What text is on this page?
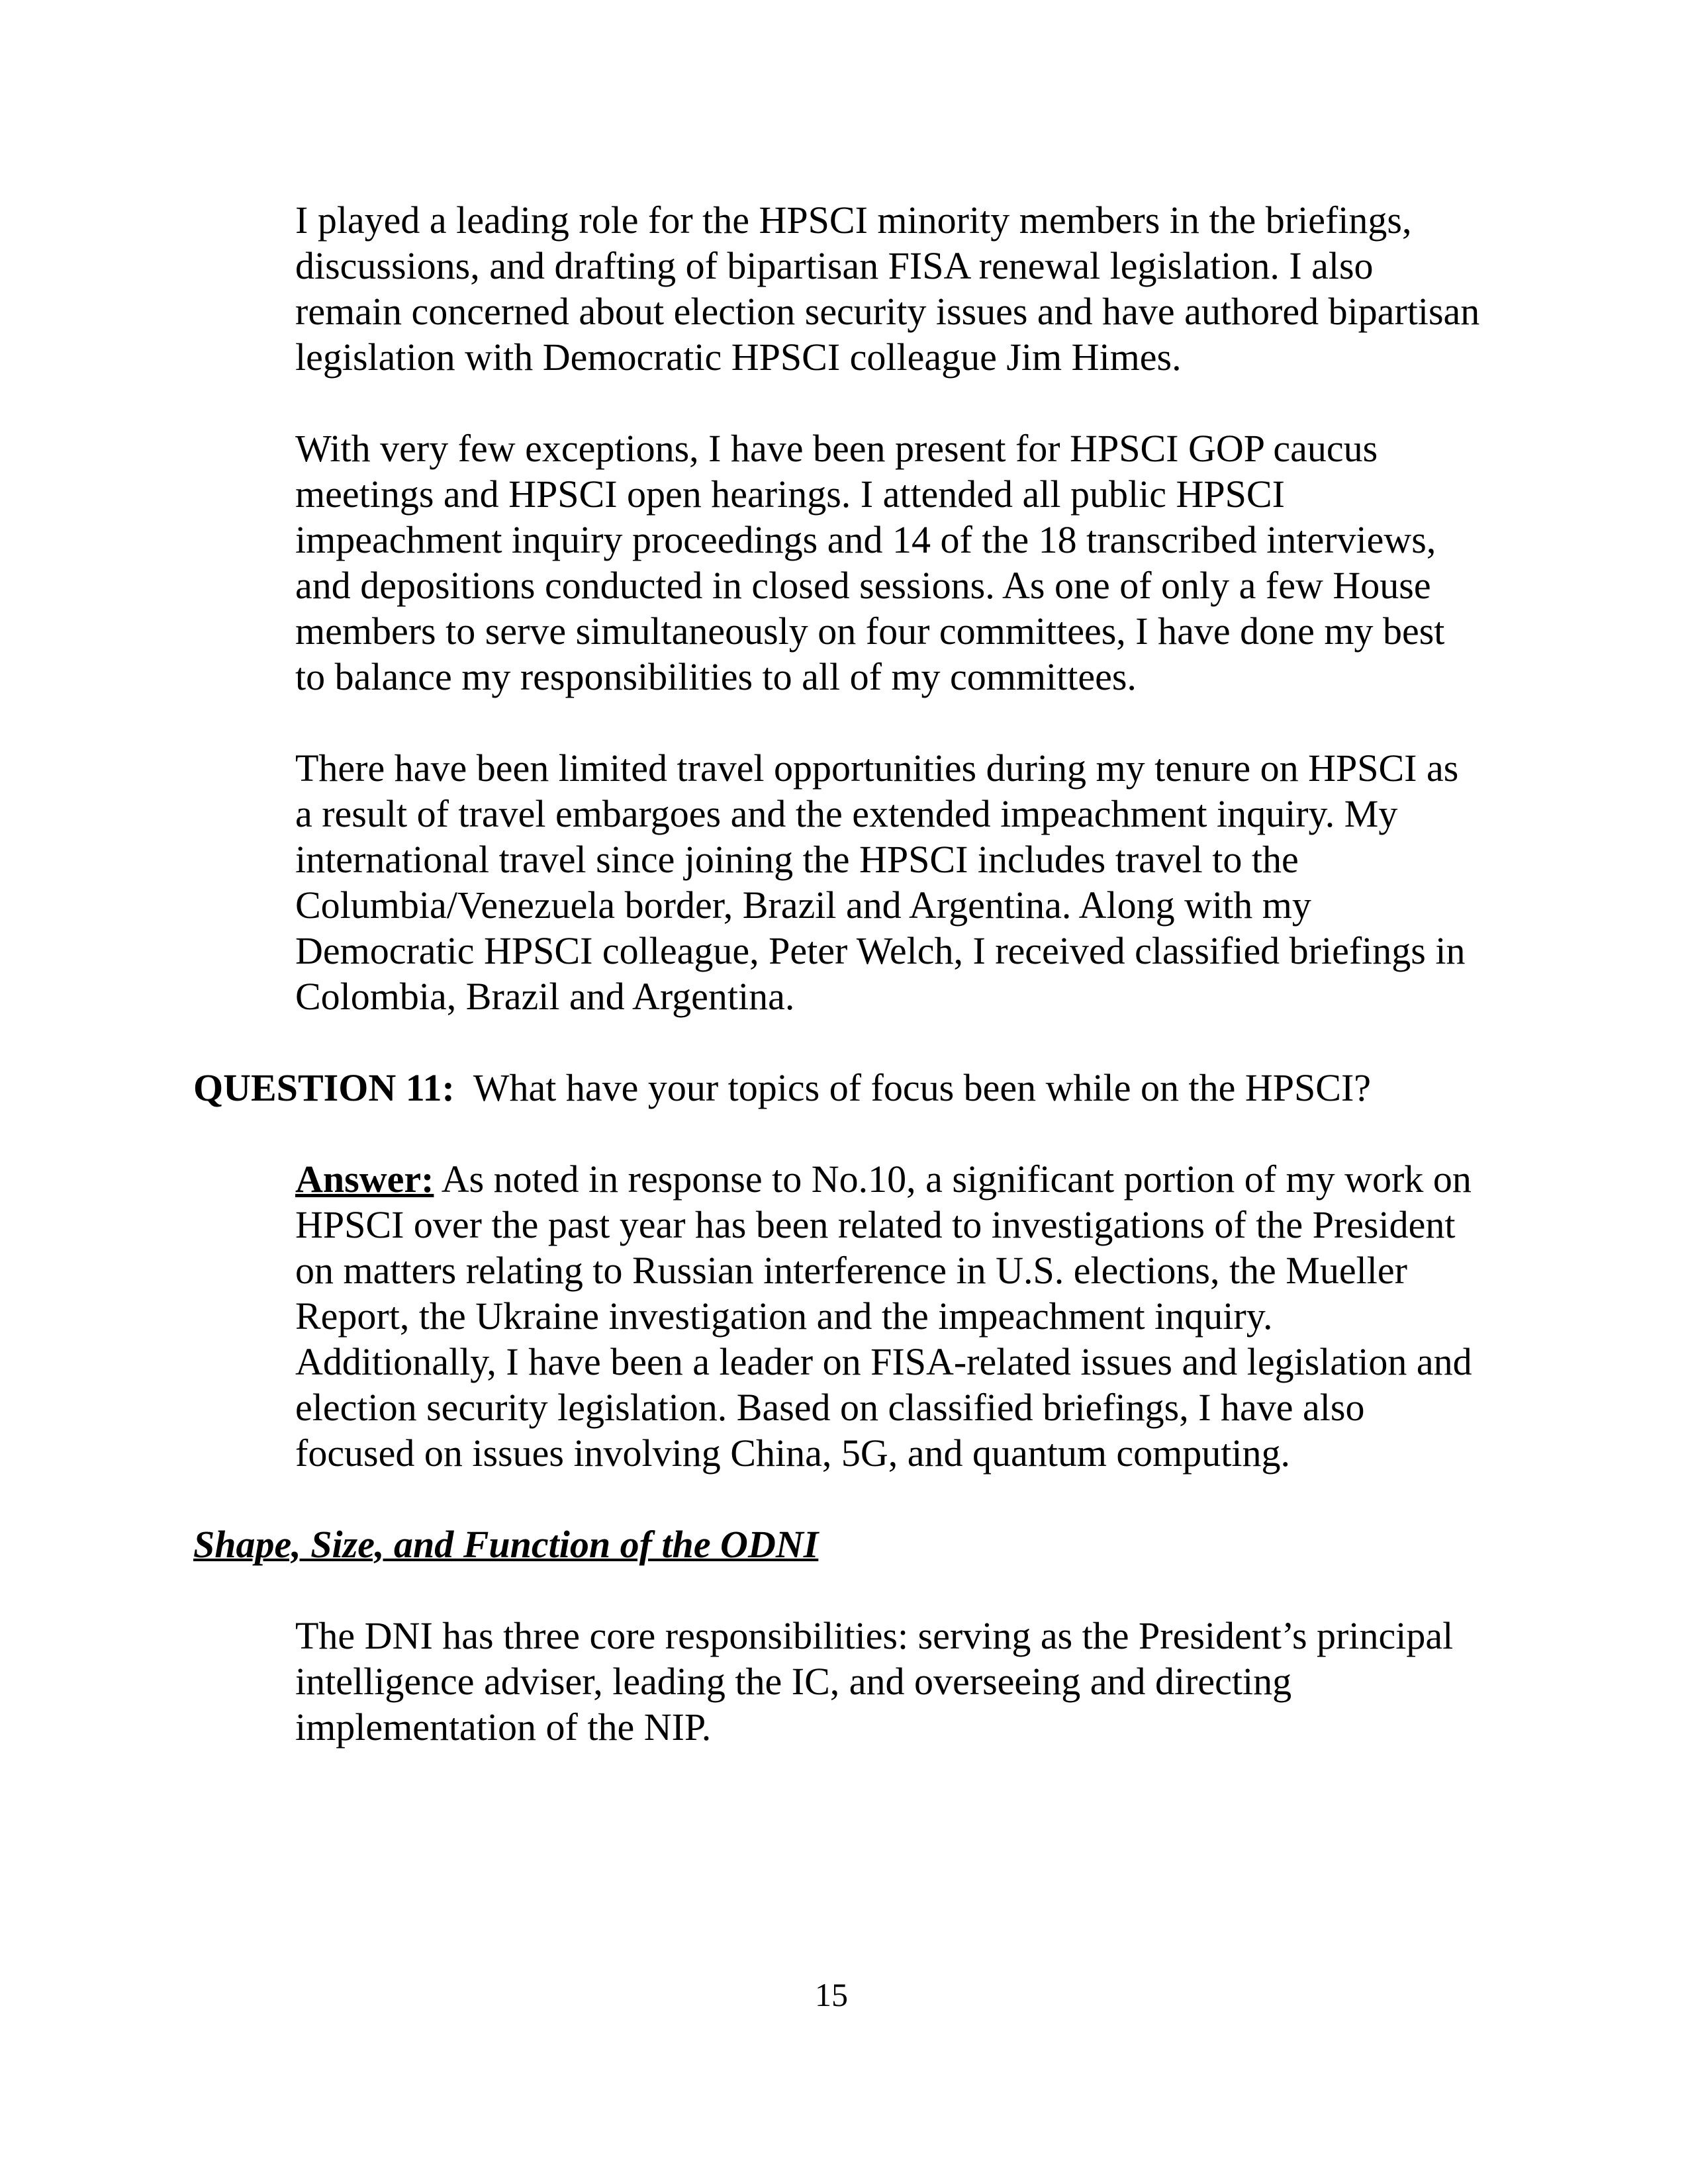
I played a leading role for the HPSCI minority members in the briefings,
discussions, and drafting of bipartisan FISA renewal legislation. I also
remain concerned about election security issues and have authored bipartisan
legislation with Democratic HPSCI colleague Jim Himes.
With very few exceptions, I have been present for HPSCI GOP caucus
meetings and HPSCI open hearings. I attended all public HPSCI
impeachment inquiry proceedings and 14 of the 18 transcribed interviews,
and depositions conducted in closed sessions. As one of only a few House
members to serve simultaneously on four committees, I have done my best
to balance my responsibilities to all of my committees.
There have been limited travel opportunities during my tenure on HPSCI as
a result of travel embargoes and the extended impeachment inquiry. My
international travel since joining the HPSCI includes travel to the
Columbia/Venezuela border, Brazil and Argentina. Along with my
Democratic HPSCI colleague, Peter Welch, I received classified briefings in
Colombia, Brazil and Argentina.
QUESTION 11: What have your topics of focus been while on the HPSCI?
Answer: As noted in response to No.10, a significant portion of my work on
HPSCI over the past year has been related to investigations of the President
on matters relating to Russian interference in U.S. elections, the Mueller
Report, the Ukraine investigation and the impeachment inquiry.
Additionally, I have been a leader on FISA-related issues and legislation and
election security legislation. Based on classified briefings, I have also
focused on issues involving China, 5G, and quantum computing.
Shape, Size, and Function of the ODNI
The DNI has three core responsibilities: serving as the President’s principal
intelligence adviser, leading the IC, and overseeing and directing
implementation of the NIP.
15
